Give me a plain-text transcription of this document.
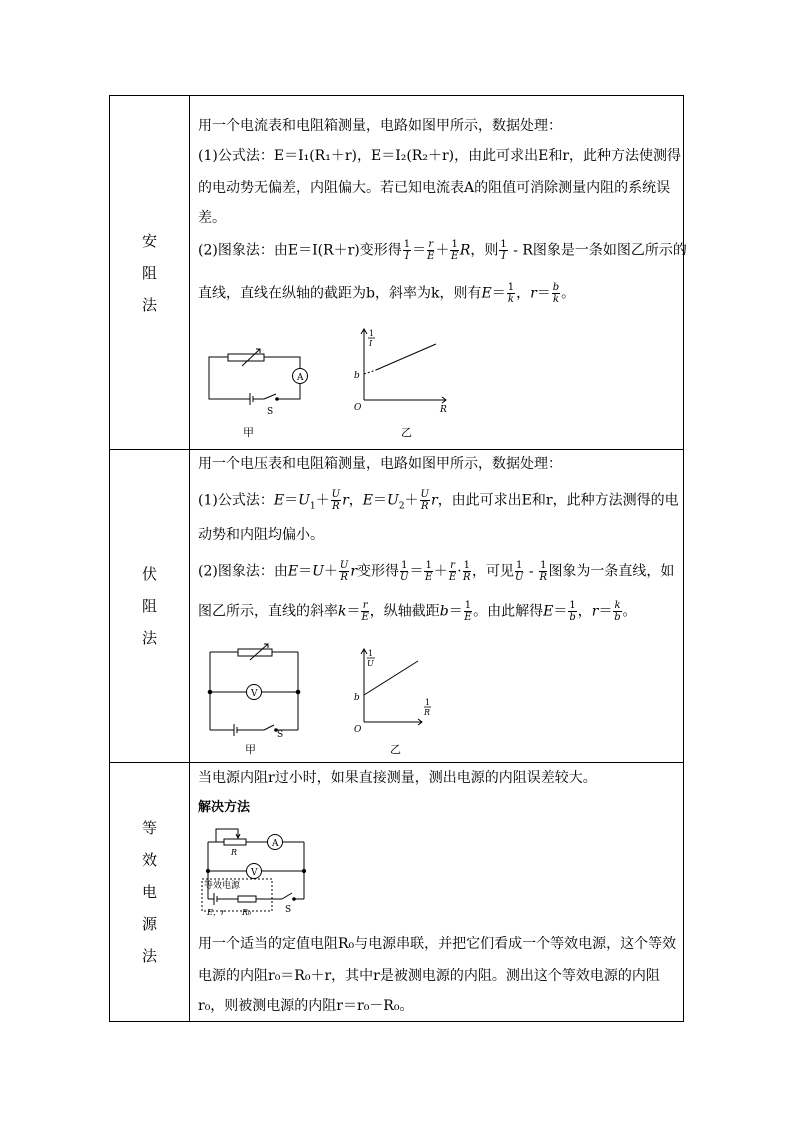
安
阻
法
用一个电流表和电阻箱测量，电路如图甲所示，数据处理：
(1)公式法：E＝I₁(R₁＋r)，E＝I₂(R₂＋r)，由此可求出E和r，此种方法使测得
的电动势无偏差，内阻偏大。若已知电流表A的阻值可消除测量内阻的系统误
差。
(2)图象法：由E＝I(R＋r)变形得 $\frac{1}{I} = \frac{r}{E} + \frac{1}{E}$ R，则 $\frac{1}{I}$ - R图象是一条如图乙所示的
直线，直线在纵轴的截距为b，斜率为k，则有$E= \frac{1}{k}$ ，$r= \frac{b}{k}$ 。
A
S
甲
1
I
b
O	R
乙
伏
阻
法
用一个电压表和电阻箱测量，电路如图甲所示，数据处理：
(1)公式法：$E=U_1+ \frac{U}{R}$ r，$E=U_2+ \frac{U}{R}$ r，由此可求出E和r，此种方法测得的电
动势和内阻均偏小。
(2)图象法：由$E=U+ \frac{U}{R}$ r变形得 $\frac{1}{U} = \frac{1}{E} + \frac{r}{E} \cdot \frac{1}{R}$ ，可见 $\frac{1}{U} - \frac{1}{R}$ 图象为一条直线，如
图乙所示，直线的斜率$k= \frac{r}{E}$ ，纵轴截距$b= \frac{1}{E}$ 。由此解得$E= \frac{1}{b}$ ，$r= \frac{k}{b}$ 。
V
S
甲
1
U
b
O
1
R
乙
等
效
电
源
法
当电源内阻r过小时，如果直接测量，测出电源的内阻误差较大。
解决方法
A
V
R
等效电源
E，r R₀	S
用一个适当的定值电阻R₀与电源串联，并把它们看成一个等效电源，这个等效
电源的内阻r₀＝R₀＋r，其中r是被测电源的内阻。测出这个等效电源的内阻
r₀，则被测电源的内阻r＝r₀－R₀。
